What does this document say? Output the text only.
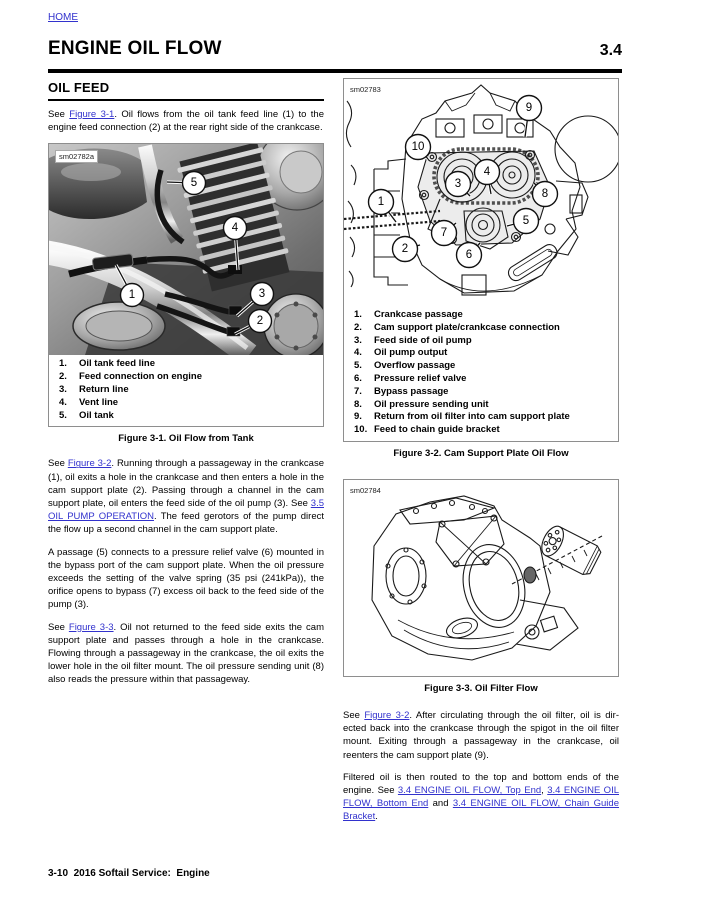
HOME
ENGINE OIL FLOW	3.4
OIL FEED

See Figure 3-1. Oil flows from the oil tank feed line (1) to the engine feed connection (2) at the rear right side of the crankcase.

1
2
3
4
5
sm02782a
1.	Oil tank feed line
2.	Feed connection on engine
3.	Return line
4.	Vent line
5.	Oil tank
Figure 3-1. Oil Flow from Tank

See Figure 3-2. Running through a passageway in the crankcase (1), oil exits a hole in the crankcase and then enters a hole in the cam support plate (2). Passing through a channel in the cam support plate, oil enters the feed side of the oil pump (3). See 3.5 OIL PUMP OPERATION. The feed gerotors of the pump direct the flow up a second channel in the cam support plate.

A passage (5) connects to a pressure relief valve (6) mounted in the bypass port of the cam support plate. When the oil pressure exceeds the setting of the valve spring (35 psi (241kPa)), the orifice opens to bypass (7) excess oil back to the feed side of the pump (3).

See Figure 3-3. Oil not returned to the feed side exits the cam support plate and passes through a hole in the crankcase. Flowing through a passageway in the crankcase, the oil exits the lower hole in the oil filter mount. The oil pressure sending unit (8) also reads the pressure within that passageway.

1
2
3
4
5
6
7
8
9
10
sm02783
1.	Crankcase passage
2.	Cam support plate/crankcase connection
3.	Feed side of oil pump
4.	Oil pump output
5.	Overflow passage
6.	Pressure relief valve
7.	Bypass passage
8.	Oil pressure sending unit
9.	Return from oil filter into cam support plate
10. Feed to chain guide bracket
Figure 3-2. Cam Support Plate Oil Flow
sm02784
Figure 3-3. Oil Filter Flow

See Figure 3-2. After circulating through the oil filter, oil is directed back into the crankcase through the spigot in the oil filter mount. Exiting through a passageway in the crankcase, oil reenters the cam support plate (9).

Filtered oil is then routed to the top and bottom ends of the engine. See 3.4 ENGINE OIL FLOW, Top End, 3.4 ENGINE OIL FLOW, Bottom End and 3.4 ENGINE OIL FLOW, Chain Guide Bracket.

3-10  2016 Softail Service:  Engine
